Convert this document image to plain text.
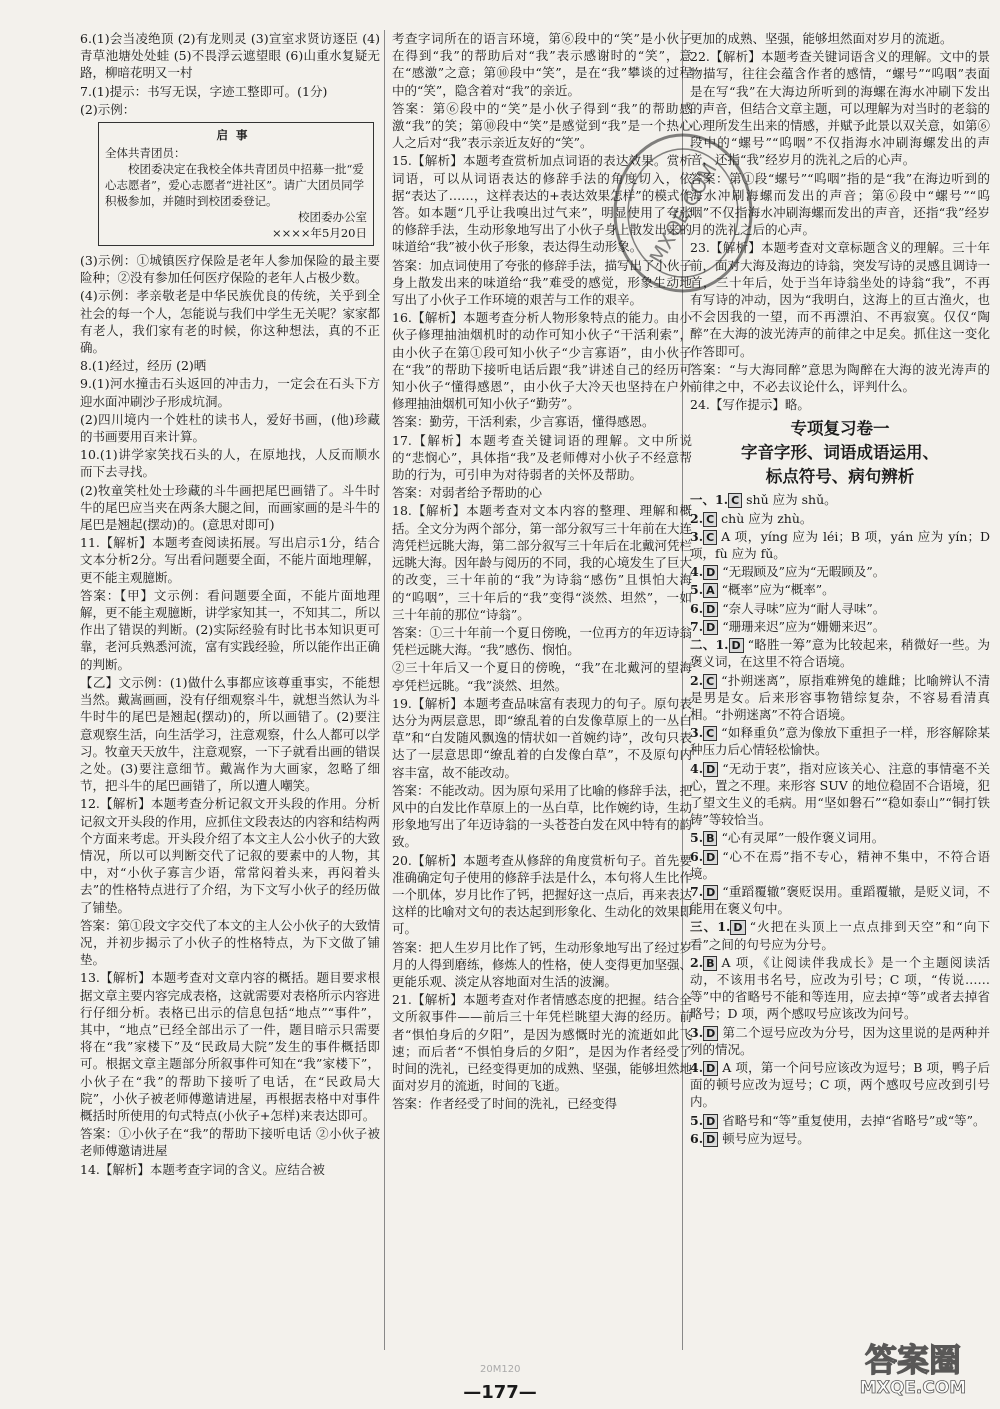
6.(1)会当凌绝顶 (2)有龙则灵 (3)宣室求贤访逐臣 (4)青草池塘处处蛙 (5)不畏浮云遮望眼 (6)山重水复疑无路，柳暗花明又一村

7.(1)提示：书写无误，字迹工整即可。(1分)

(2)示例：

启事
全体共青团员：
校团委决定在我校全体共青团员中招募一批“爱心志愿者”，爱心志愿者“进社区”。请广大团员同学积极参加，并随时到校团委登记。
校团委办公室
××××年5月20日

(3)示例：①城镇医疗保险是老年人参加保险的最主要险种；②没有参加任何医疗保险的老年人占极少数。

(4)示例：孝亲敬老是中华民族优良的传统，关乎到全社会的每一个人，怎能说与我们中学生无关呢？家家都有老人，我们家有老的时候，你这种想法，真的不正确。

8.(1)经过，经历 (2)晒

9.(1)河水撞击石头返回的冲击力，一定会在石头下方迎水面冲刷沙子形成坑洞。

(2)四川境内一个姓杜的读书人，爱好书画，(他)珍藏的书画要用百来计算。

10.(1)讲学家笑找石头的人，在原地找，人反而顺水而下去寻找。

(2)牧童笑杜处士珍藏的斗牛画把尾巴画错了。斗牛时牛的尾巴应当夹在两条大腿之间，而画家画的是斗牛的尾巴是翘起(摆动)的。(意思对即可)

11.【解析】本题考查阅读拓展。写出启示1分，结合文本分析2分。写出看问题要全面，不能片面地理解，更不能主观臆断。

答案：【甲】文示例：看问题要全面，不能片面地理解，更不能主观臆断，讲学家知其一，不知其二，所以作出了错误的判断。(2)实际经验有时比书本知识更可靠，老河兵熟悉河流，富有实践经验，所以能作出正确的判断。

【乙】文示例：(1)做什么事都应该尊重事实，不能想当然。戴嵩画画，没有仔细观察斗牛，就想当然认为斗牛时牛的尾巴是翘起(摆动)的，所以画错了。(2)要注意观察生活，向生活学习，注意观察，什么人都可以学习。牧童天天放牛，注意观察，一下子就看出画的错误之处。(3)要注意细节。戴嵩作为大画家，忽略了细节，把斗牛的尾巴画错了，所以遭人嘲笑。

12.【解析】本题考查分析记叙文开头段的作用。分析记叙文开头段的作用，应抓住文段表达的内容和结构两个方面来考虑。开头段介绍了本文主人公小伙子的大致情况，所以可以判断交代了记叙的要素中的人物，其中，对“小伙子寡言少语，常常闷着头来，再闷着头去”的性格特点进行了介绍，为下文写小伙子的经历做了铺垫。

答案：第①段文字交代了本文的主人公小伙子的大致情况，并初步揭示了小伙子的性格特点，为下文做了铺垫。

13.【解析】本题考查对文章内容的概括。题目要求根据文章主要内容完成表格，这就需要对表格所示内容进行仔细分析。表格已出示的信息包括“地点”“事件”，其中，“地点”已经全部出示了一件，题目暗示只需要将在“我”家楼下”及“民政局大院”发生的事件概括即可。根据文章主题部分所叙事件可知在“我”家楼下”，小伙子在“我”的帮助下接听了电话，在“民政局大院”，小伙子被老师傅邀请进屋，再根据表格中对事件概括时所使用的句式特点(小伙子+怎样)来表达即可。

答案：①小伙子在“我”的帮助下接听电话 ②小伙子被老师傅邀请进屋

14.【解析】本题考查字词的含义。应结合被

考查字词所在的语言环境，第⑥段中的“笑”是小伙子在得到“我”的帮助后对“我”表示感谢时的“笑”，意在“感激”之意；第⑩段中“笑”，是在“我”攀谈的过程中的“笑”，隐含着对“我”的亲近。

答案：第⑥段中的“笑”是小伙子得到“我”的帮助感激“我”的笑；第⑩段中“笑”是感觉到“我”是一个热心人之后对“我”表示亲近友好的“笑”。

15.【解析】本题考查赏析加点词语的表达效果。赏析词语，可以从词语表达的修辞手法的角度切入，依据“表达了……，这样表达的+表达效果怎样”的模式作答。如本题“几乎让我嗅出过气来”，明显使用了夸张的修辞手法，生动形象地写出了小伙子身上散发出来的味道给“我”被小伙子形象，表达得生动形象。

答案：加点词使用了夸张的修辞手法，描写出了小伙子身上散发出来的味道给“我”难受的感觉，形象生动地写出了小伙子工作环境的艰苦与工作的艰辛。

16.【解析】本题考查分析人物形象特点的能力。由小伙子修理抽油烟机时的动作可知小伙子“干活利索”，由小伙子在第①段可知小伙子“少言寡语”，由小伙子在“我”的帮助下接听电话后跟“我”讲述自己的经历可知小伙子“懂得感恩”，由小伙子大冷天也坚持在户外修理抽油烟机可知小伙子“勤劳”。

答案：勤劳，干活利索，少言寡语，懂得感恩。

17.【解析】本题考查关键词语的理解。文中所说的“悲悯心”，具体指“我”及老师傅对小伙子不经意帮助的行为，可引申为对待弱者的关怀及帮助。

答案：对弱者给予帮助的心

18.【解析】本题考查对文本内容的整理、理解和概括。全文分为两个部分，第一部分叙写三十年前在大连湾凭栏远眺大海，第二部分叙写三十年后在北戴河凭栏远眺大海。因年龄与阅历的不同，我的心境发生了巨大的改变，三十年前的“我”为诗翁“感伤”且惧怕大海的“呜咽”，三十年后的“我”变得“淡然、坦然”，一如三十年前的那位“诗翁”。

答案：①三十年前一个夏日傍晚，一位再方的年迈诗翁凭栏远眺大海。“我”感伤、悯怕。

②三十年后又一个夏日的傍晚，“我”在北戴河的望海亭凭栏远眺。“我”淡然、坦然。

19.【解析】本题考查品味富有表现力的句子。原句表达分为两层意思，即“缭乱着的白发像草原上的一丛白草”和“白发随风飘逸的情状如一首婉约诗”，改句只表达了一层意思即“缭乱着的白发像白草”，不及原句内容丰富，故不能改动。

答案：不能改动。因为原句采用了比喻的修辞手法，把风中的白发比作草原上的一丛白草，比作婉约诗，生动形象地写出了年迈诗翁的一头苍苍白发在风中特有的韵致。

20.【解析】本题考查从修辞的角度赏析句子。首先要准确确定句子使用的修辞手法是什么，本句将人生比作一个肌体，岁月比作了钙，把握好这一点后，再来表达这样的比喻对文句的表达起到形象化、生动化的效果即可。

答案：把人生岁月比作了钙，生动形象地写出了经过岁月的人得到磨练，修炼人的性格，使人变得更加坚强、更能乐观、淡定从容地面对生活的波澜。

21.【解析】本题考查对作者情感态度的把握。结合全文所叙事件——前后三十年凭栏眺望大海的经历。前者“惧怕身后的夕阳”，是因为感慨时光的流逝如此飞速；而后者“不惧怕身后的夕阳”，是因为作者经受了时间的洗礼，已经变得更加的成熟、坚强，能够坦然地面对岁月的流逝，时间的飞逝。

答案：作者经受了时间的洗礼，已经变得

更加的成熟、坚强，能够坦然面对岁月的流逝。

22.【解析】本题考查关键词语含义的理解。文中的景物描写，往往会蕴含作者的感情，“螺号”“呜咽”表面是在写“我”在大海边所听到的海螺在海水冲刷下发出的声音，但结合文章主题，可以理解为对当时的老翁的心理所发生出来的情感，并赋予此景以双关意，如第⑥段中的“螺号”“呜咽”不仅指海水冲刷海螺发出的声音，还指“我”经岁月的洗礼之后的心声。

答案：第①段“螺号”“呜咽”指的是“我”在海边听到的海水冲刷海螺而发出的声音；第⑥段中“螺号”“呜咽”不仅指海水冲刷海螺而发出的声音，还指“我”经岁月的洗礼之后的心声。

23.【解析】本题考查对文章标题含义的理解。三十年前，面对大海及海边的诗翁，突发写诗的灵感且调诗一首，三十年后，处于当年诗翁坐处的诗翁“我”，不再有写诗的冲动，因为“我明白，这海上的亘古渔火，也不会因我的一望，而不再漂泊、不再寂寞。仅仅“陶醉”在大海的波光涛声的前律之中足矣。抓住这一变化作答即可。

答案：“与大海同醉”意思为陶醉在大海的波光涛声的前律之中，不必去议论什么，评判什么。

24.【写作提示】略。

专项复习卷一
字音字形、词语成语运用、
标点符号、病句辨析

一、1. C shǔ 应为 shǔ。

2. C chù 应为 zhù。

3. C A 项，yíng 应为 léi；B 项，yán 应为 yín；D 项，fù 应为 fǔ。

4. D “无瑕顾及”应为“无暇顾及”。

5. A “概率”应为“概率”。

6. D “奈人寻味”应为“耐人寻味”。

7. D “珊珊来迟”应为“姗姗来迟”。

二、1. D “略胜一筹”意为比较起来，稍微好一些。为褒义词，在这里不符合语境。

2. C “扑朔迷离”，原指难辨兔的雄雌；比喻辨认不清是男是女。后来形容事物错综复杂，不容易看清真相。“扑朔迷离”不符合语境。

3. C “如释重负”意为像放下重担子一样，形容解除某种压力后心情轻松愉快。

4. D “无动于衷”，指对应该关心、注意的事情毫不关心，置之不理。来形容 SUV 的地位稳固不合语境，犯了望文生义的毛病。用“坚如磐石”“稳如泰山”“铜打铁铸”等较恰当。

5. B “心有灵犀”一般作褒义词用。

6. D “心不在焉”指不专心，精神不集中，不符合语境。

7. D “重蹈覆辙”褒贬误用。重蹈覆辙，是贬义词，不能用在褒义句中。

三、1. D “火把在头顶上一点点排到天空”和“向下看”之间的句号应为分号。

2. B A 项，《让阅读伴我成长》是一个主题阅读活动，不该用书名号，应改为引号；C 项，“传说……等”中的省略号不能和等连用，应去掉“等”或者去掉省略号；D 项，两个感叹号应该改为问号。

3. D 第二个逗号应改为分号，因为这里说的是两种并列的情况。

4. D A 项，第一个问号应该改为逗号；B 项，鸭子后面的顿号应改为逗号；C 项，两个感叹号应改到引号内。

5. D 省略号和“等”重复使用，去掉“省略号”或“等”。

6. D 顿号应为逗号。

MXQE.COM
20M120
—177—
答案圈
MXQE.COM
